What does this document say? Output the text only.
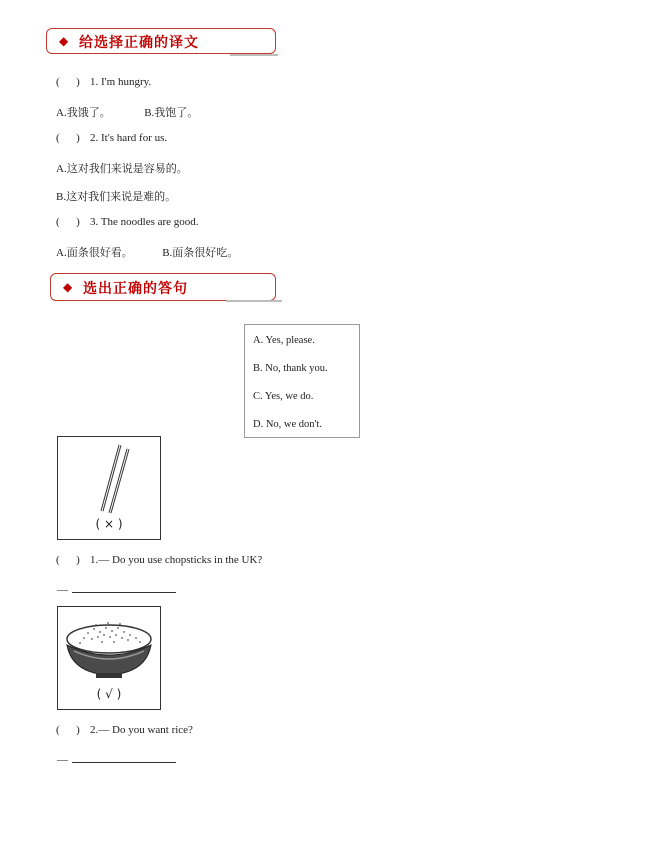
◆ 给选择正确的译文
( ) 1. I'm hungry.
A.我饿了。	B.我饱了。
( ) 2. It's hard for us.
A.这对我们来说是容易的。
B.这对我们来说是难的。
( ) 3. The noodles are good.
A.面条很好看。	B.面条很好吃。
◆ 选出正确的答句
A. Yes, please.
B. No, thank you.
C. Yes, we do.
D. No, we don't.
( × )
( ) 1.— Do you use chopsticks in the UK?
—
( √ )
( ) 2.— Do you want rice?
—
